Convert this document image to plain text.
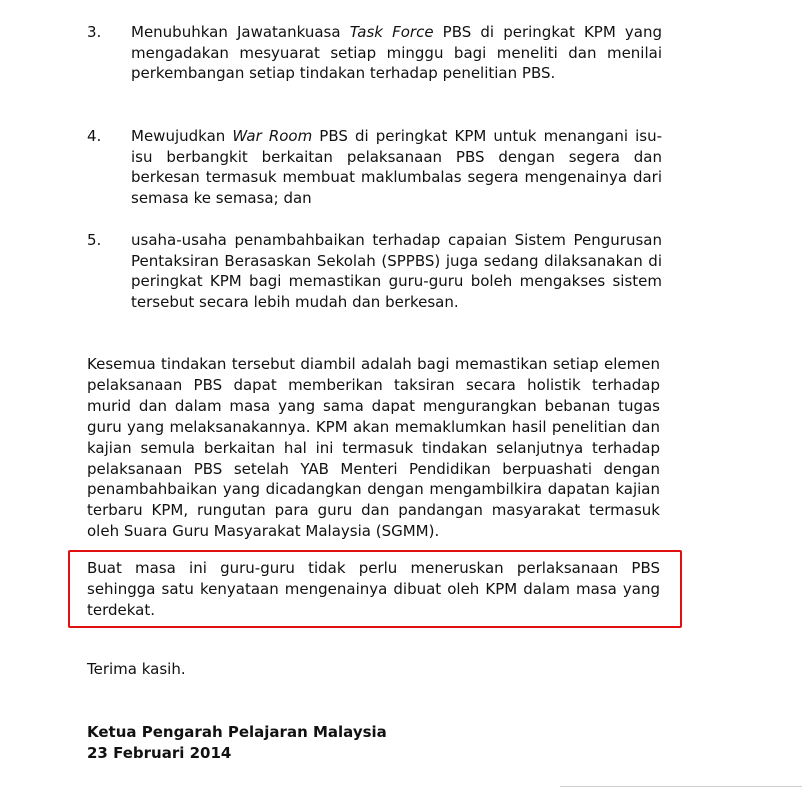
3.	Menubuhkan Jawatankuasa Task Force PBS di peringkat KPM yang mengadakan mesyuarat setiap minggu bagi meneliti dan menilai perkembangan setiap tindakan terhadap penelitian PBS.
4.	Mewujudkan War Room PBS di peringkat KPM untuk menangani isu-isu berbangkit berkaitan pelaksanaan PBS dengan segera dan berkesan termasuk membuat maklumbalas segera mengenainya dari semasa ke semasa; dan
5.	usaha-usaha penambahbaikan terhadap capaian Sistem Pengurusan Pentaksiran Berasaskan Sekolah (SPPBS) juga sedang dilaksanakan di peringkat KPM bagi memastikan guru-guru boleh mengakses sistem tersebut secara lebih mudah dan berkesan.
Kesemua tindakan tersebut diambil adalah bagi memastikan setiap elemen pelaksanaan PBS dapat memberikan taksiran secara holistik terhadap murid dan dalam masa yang sama dapat mengurangkan bebanan tugas guru yang melaksanakannya. KPM akan memaklumkan hasil penelitian dan kajian semula berkaitan hal ini termasuk tindakan selanjutnya terhadap pelaksanaan PBS setelah YAB Menteri Pendidikan berpuashati dengan penambahbaikan yang dicadangkan dengan mengambilkira dapatan kajian terbaru KPM, rungutan para guru dan pandangan masyarakat termasuk oleh Suara Guru Masyarakat Malaysia (SGMM).
Buat masa ini guru-guru tidak perlu meneruskan perlaksanaan PBS sehingga satu kenyataan mengenainya dibuat oleh KPM dalam masa yang terdekat.
Terima kasih.
Ketua Pengarah Pelajaran Malaysia
23 Februari 2014
